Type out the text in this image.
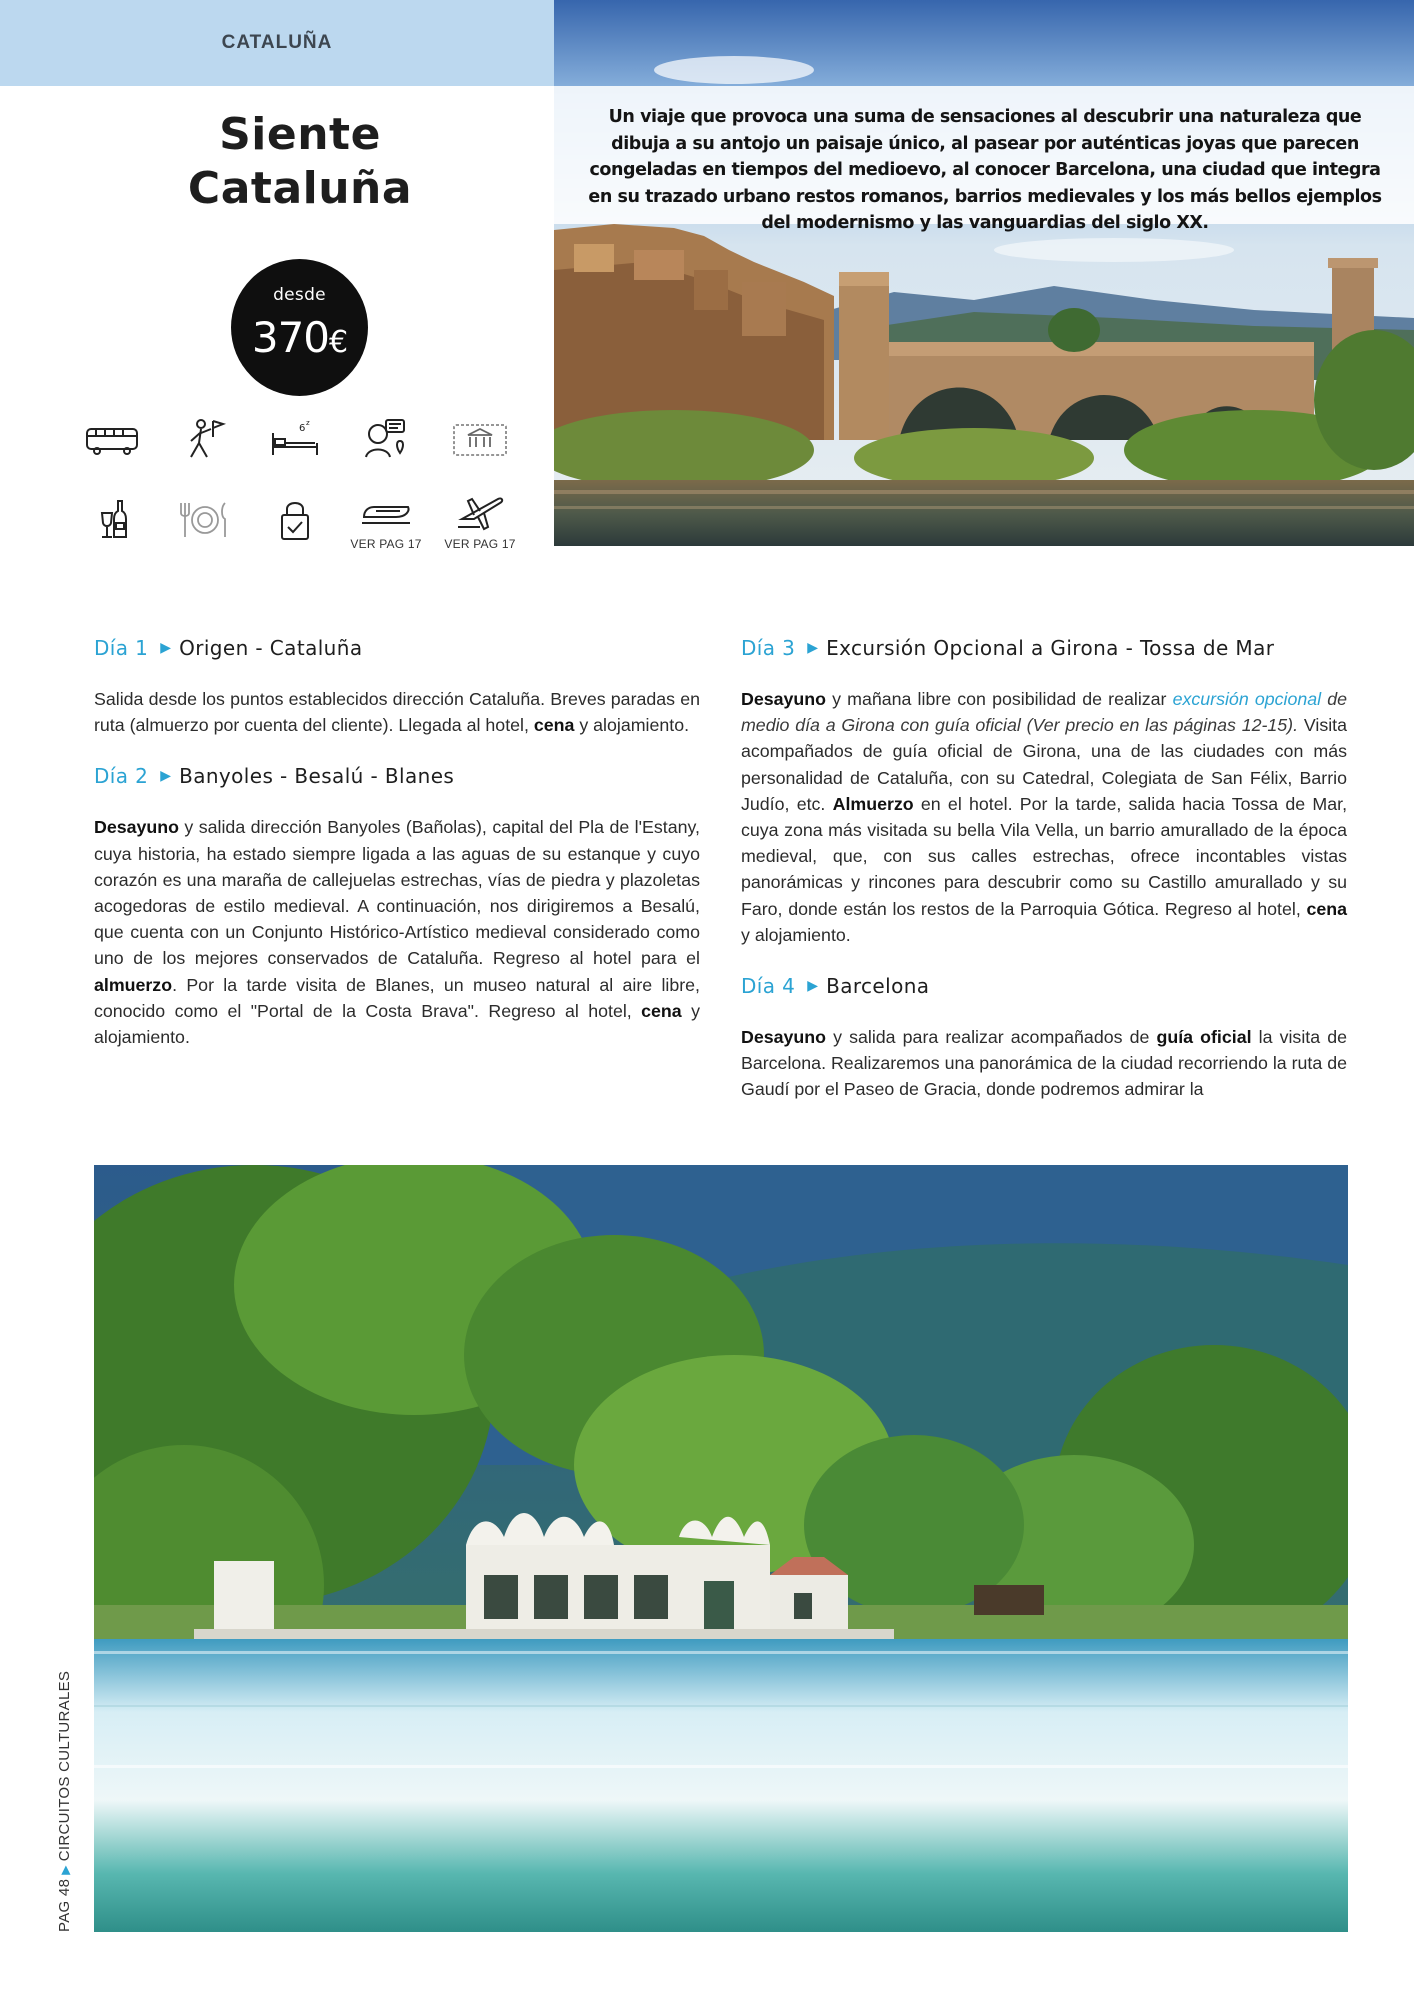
CATALUÑA
Siente
Cataluña
desde
370€
6 z
VER PAG 17 VER PAG 17
Un viaje que provoca una suma de sensaciones al descubrir una naturaleza que dibuja a su antojo un paisaje único, al pasear por auténticas joyas que parecen congeladas en tiempos del medioevo, al conocer Barcelona, una ciudad que integra en su trazado urbano restos romanos, barrios medievales y los más bellos ejemplos del modernismo y las vanguardias del siglo XX.
Día 1 ▶ Origen - Cataluña

Salida desde los puntos establecidos dirección Cataluña. Breves paradas en ruta (almuerzo por cuenta del cliente). Llegada al hotel, cena y alojamiento.

Día 2 ▶ Banyoles - Besalú - Blanes

Desayuno y salida dirección Banyoles (Bañolas), capital del Pla de l'Estany, cuya historia, ha estado siempre ligada a las aguas de su estanque y cuyo corazón es una maraña de callejuelas estrechas, vías de piedra y plazoletas acogedoras de estilo medieval. A continuación, nos dirigiremos a Besalú, que cuenta con un Conjunto Histórico-Artístico medieval considerado como uno de los mejores conservados de Cataluña. Regreso al hotel para el almuerzo. Por la tarde visita de Blanes, un museo natural al aire libre, conocido como el "Portal de la Costa Brava". Regreso al hotel, cena y alojamiento.

Día 3 ▶ Excursión Opcional a Girona - Tossa de Mar

Desayuno y mañana libre con posibilidad de realizar excursión opcional de medio día a Girona con guía oficial (Ver precio en las páginas 12-15). Visita acompañados de guía oficial de Girona, una de las ciudades con más personalidad de Cataluña, con su Catedral, Colegiata de San Félix, Barrio Judío, etc. Almuerzo en el hotel. Por la tarde, salida hacia Tossa de Mar, cuya zona más visitada su bella Vila Vella, un barrio amurallado de la época medieval, que, con sus calles estrechas, ofrece incontables vistas panorámicas y rincones para descubrir como su Castillo amurallado y su Faro, donde están los restos de la Parroquia Gótica. Regreso al hotel, cena y alojamiento.

Día 4 ▶ Barcelona

Desayuno y salida para realizar acompañados de guía oficial la visita de Barcelona. Realizaremos una panorámica de la ciudad recorriendo la ruta de Gaudí por el Paseo de Gracia, donde podremos admirar la

PAG 48▶CIRCUITOS CULTURALES
